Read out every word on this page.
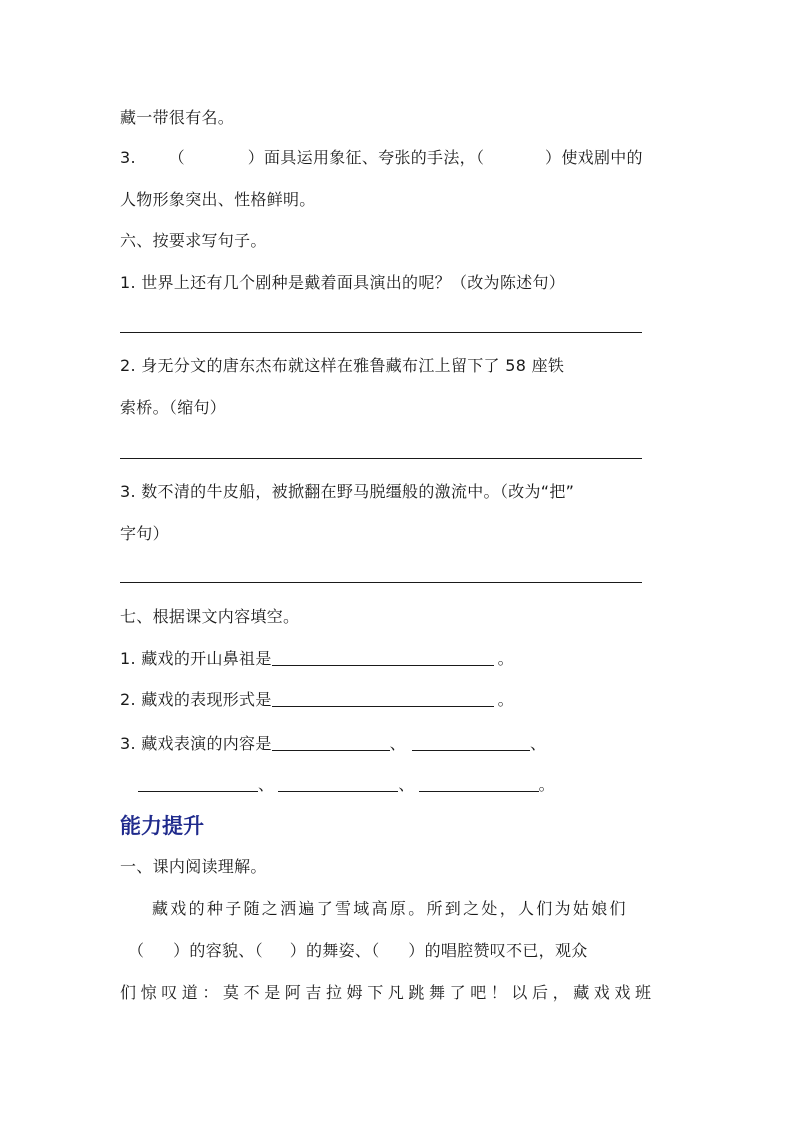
藏一带很有名。
3. （	）面具运用象征、夸张的手法，（	）使戏剧中的
人物形象突出、性格鲜明。
六、按要求写句子。
1. 世界上还有几个剧种是戴着面具演出的呢？（改为陈述句）
2. 身无分文的唐东杰布就这样在雅鲁藏布江上留下了 58 座铁
索桥。（缩句）
3. 数不清的牛皮船，被掀翻在野马脱缰般的激流中。（改为“把”
字句）
七、根据课文内容填空。
1. 藏戏的开山鼻祖是	。
2. 藏戏的表现形式是	。
3. 藏戏表演的内容是	、	、
、	、	。
能力提升
一、课内阅读理解。
藏戏的种子随之洒遍了雪域高原。所到之处，人们为姑娘们
（ ）的容貌、（ ）的舞姿、（ ）的唱腔赞叹不已，观众
们惊叹道：莫不是阿吉拉姆下凡跳舞了吧！以后，藏戏戏班
